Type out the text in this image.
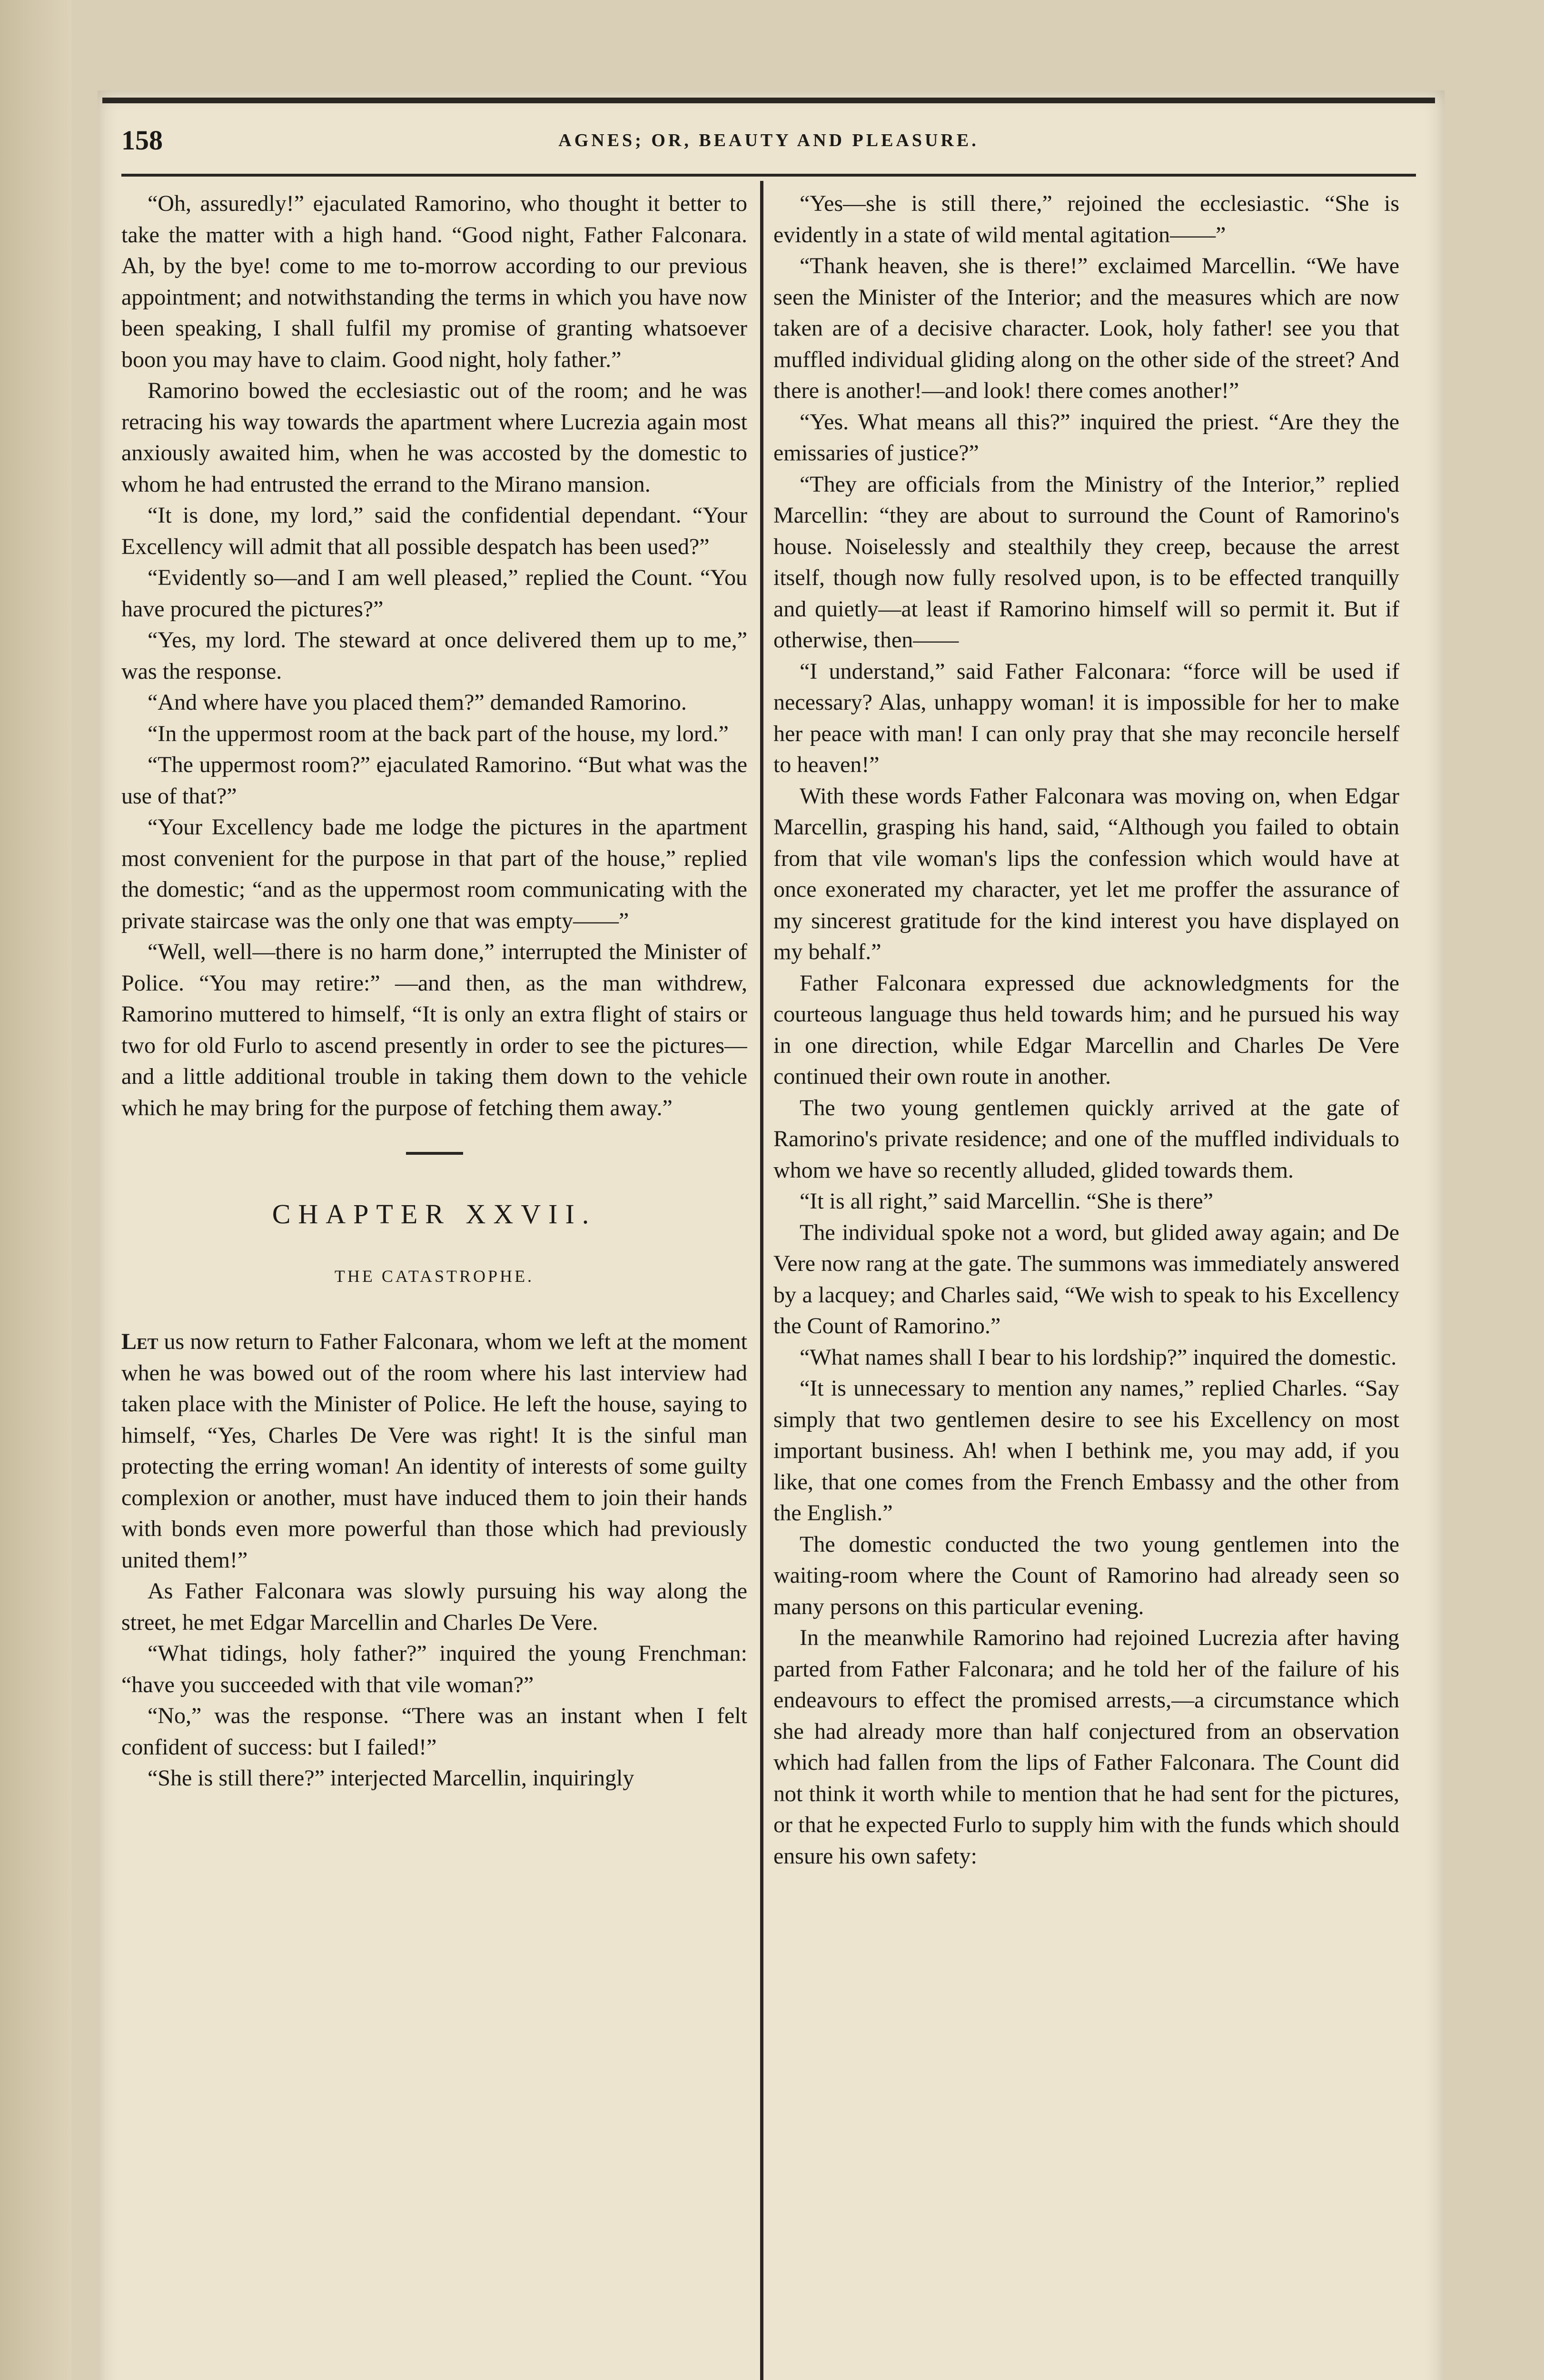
158	AGNES; OR, BEAUTY AND PLEASURE.

“Oh, assuredly!” ejaculated Ramorino, who thought it better to take the matter with a high hand. “Good night, Father Falconara. Ah, by the bye! come to me to-morrow according to our previous appointment; and notwithstanding the terms in which you have now been speaking, I shall fulfil my promise of granting whatsoever boon you may have to claim. Good night, holy father.”

Ramorino bowed the ecclesiastic out of the room; and he was retracing his way towards the apartment where Lucrezia again most anxiously awaited him, when he was accosted by the domestic to whom he had entrusted the errand to the Mirano mansion.

“It is done, my lord,” said the confidential dependant. “Your Excellency will admit that all possible despatch has been used?”

“Evidently so—and I am well pleased,” replied the Count. “You have procured the pictures?”

“Yes, my lord. The steward at once delivered them up to me,” was the response.

“And where have you placed them?” demanded Ramorino.

“In the uppermost room at the back part of the house, my lord.”

“The uppermost room?” ejaculated Ramorino. “But what was the use of that?”

“Your Excellency bade me lodge the pictures in the apartment most convenient for the purpose in that part of the house,” replied the domestic; “and as the uppermost room communicating with the private staircase was the only one that was empty——”

“Well, well—there is no harm done,” interrupted the Minister of Police. “You may retire:” —and then, as the man withdrew, Ramorino muttered to himself, “It is only an extra flight of stairs or two for old Furlo to ascend presently in order to see the pictures—and a little additional trouble in taking them down to the vehicle which he may bring for the purpose of fetching them away.”

CHAPTER XXVII.
THE CATASTROPHE.

Let us now return to Father Falconara, whom we left at the moment when he was bowed out of the room where his last interview had taken place with the Minister of Police. He left the house, saying to himself, “Yes, Charles De Vere was right! It is the sinful man protecting the erring woman! An identity of interests of some guilty complexion or another, must have induced them to join their hands with bonds even more powerful than those which had previously united them!”

As Father Falconara was slowly pursuing his way along the street, he met Edgar Marcellin and Charles De Vere.

“What tidings, holy father?” inquired the young Frenchman: “have you succeeded with that vile woman?”

“No,” was the response. “There was an instant when I felt confident of success: but I failed!”

“She is still there?” interjected Marcellin, inquiringly

“Yes—she is still there,” rejoined the ecclesiastic. “She is evidently in a state of wild mental agitation——”

“Thank heaven, she is there!” exclaimed Marcellin. “We have seen the Minister of the Interior; and the measures which are now taken are of a decisive character. Look, holy father! see you that muffled individual gliding along on the other side of the street? And there is another!—and look! there comes another!”

“Yes. What means all this?” inquired the priest. “Are they the emissaries of justice?”

“They are officials from the Ministry of the Interior,” replied Marcellin: “they are about to surround the Count of Ramorino's house. Noiselessly and stealthily they creep, because the arrest itself, though now fully resolved upon, is to be effected tranquilly and quietly—at least if Ramorino himself will so permit it. But if otherwise, then——

“I understand,” said Father Falconara: “force will be used if necessary? Alas, unhappy woman! it is impossible for her to make her peace with man! I can only pray that she may reconcile herself to heaven!”

With these words Father Falconara was moving on, when Edgar Marcellin, grasping his hand, said, “Although you failed to obtain from that vile woman's lips the confession which would have at once exonerated my character, yet let me proffer the assurance of my sincerest gratitude for the kind interest you have displayed on my behalf.”

Father Falconara expressed due acknowledgments for the courteous language thus held towards him; and he pursued his way in one direction, while Edgar Marcellin and Charles De Vere continued their own route in another.

The two young gentlemen quickly arrived at the gate of Ramorino's private residence; and one of the muffled individuals to whom we have so recently alluded, glided towards them.

“It is all right,” said Marcellin. “She is there”

The individual spoke not a word, but glided away again; and De Vere now rang at the gate. The summons was immediately answered by a lacquey; and Charles said, “We wish to speak to his Excellency the Count of Ramorino.”

“What names shall I bear to his lordship?” inquired the domestic.

“It is unnecessary to mention any names,” replied Charles. “Say simply that two gentlemen desire to see his Excellency on most important business. Ah! when I bethink me, you may add, if you like, that one comes from the French Embassy and the other from the English.”

The domestic conducted the two young gentlemen into the waiting-room where the Count of Ramorino had already seen so many persons on this particular evening.

In the meanwhile Ramorino had rejoined Lucrezia after having parted from Father Falconara; and he told her of the failure of his endeavours to effect the promised arrests,—a circumstance which she had already more than half conjectured from an observation which had fallen from the lips of Father Falconara. The Count did not think it worth while to mention that he had sent for the pictures, or that he expected Furlo to supply him with the funds which should ensure his own safety:
